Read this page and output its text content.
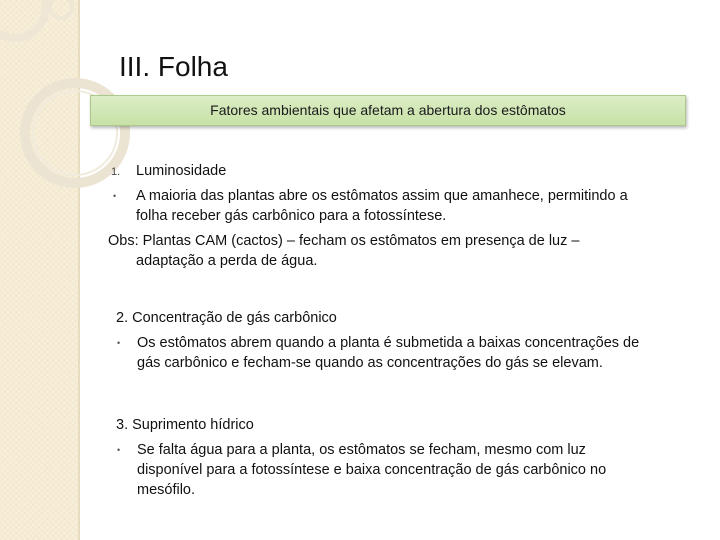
III. Folha
Fatores ambientais que afetam a abertura dos estômatos
1. Luminosidade
• A maioria das plantas abre os estômatos assim que amanhece, permitindo a
folha receber gás carbônico para a fotossíntese.
Obs: Plantas CAM (cactos) – fecham os estômatos em presença de luz –
adaptação a perda de água.
2. Concentração de gás carbônico
• Os estômatos abrem quando a planta é submetida a baixas concentrações de
gás carbônico e fecham-se quando as concentrações do gás se elevam.
3. Suprimento hídrico
• Se falta água para a planta, os estômatos se fecham, mesmo com luz
disponível para a fotossíntese e baixa concentração de gás carbônico no
mesófilo.
